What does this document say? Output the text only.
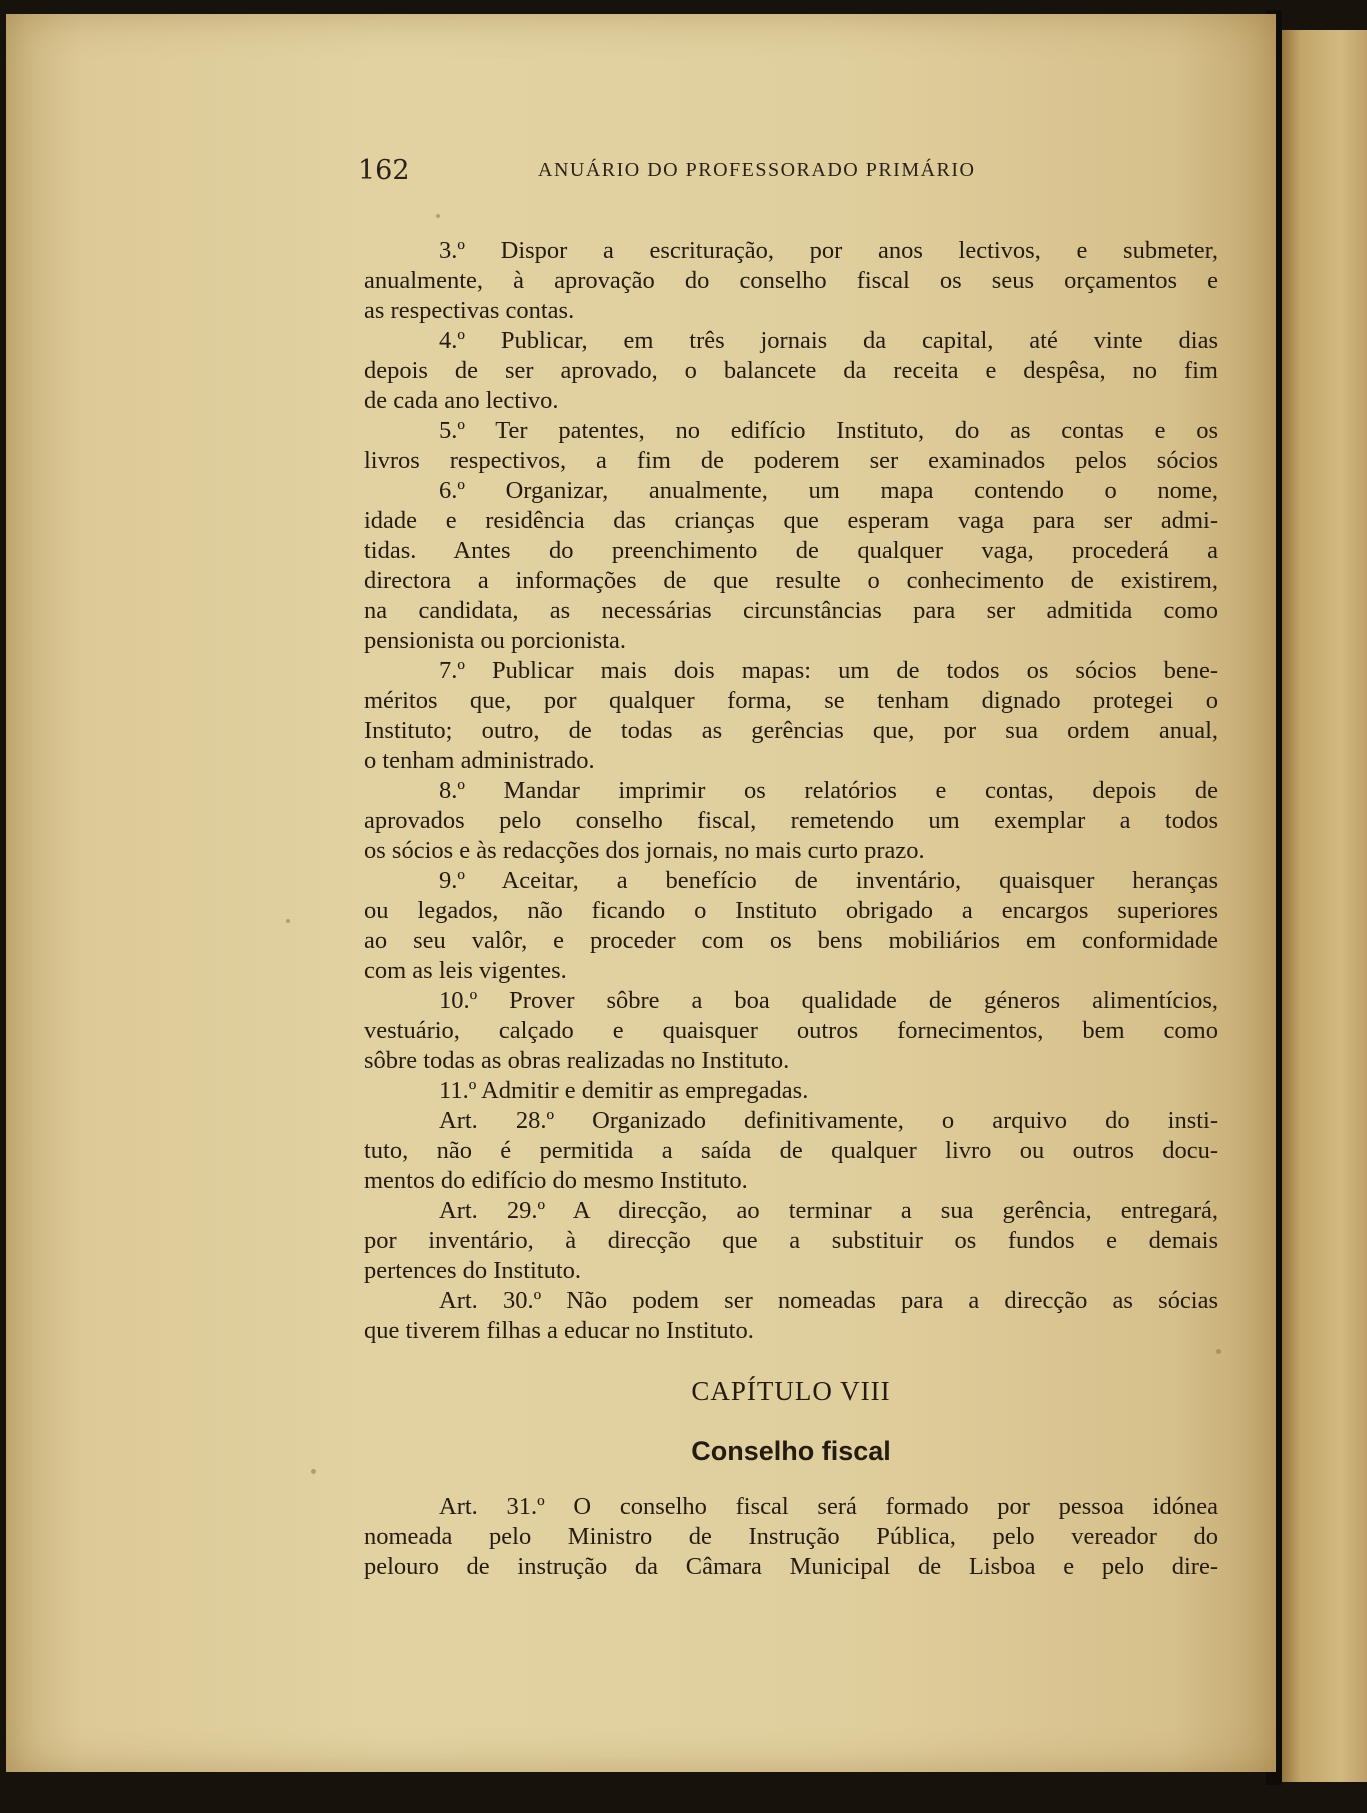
162	ANUÁRIO DO PROFESSORADO PRIMÁRIO
3.º Dispor a escrituração, por anos lectivos, e submeter,
anualmente, à aprovação do conselho fiscal os seus orçamentos e
as respectivas contas.
4.º Publicar, em três jornais da capital, até vinte dias
depois de ser aprovado, o balancete da receita e despêsa, no fim
de cada ano lectivo.
5.º Ter patentes, no edifício Instituto, do as contas e os
livros respectivos, a fim de poderem ser examinados pelos sócios
6.º Organizar, anualmente, um mapa contendo o nome,
idade e residência das crianças que esperam vaga para ser admi-
tidas. Antes do preenchimento de qualquer vaga, procederá a
directora a informações de que resulte o conhecimento de existirem,
na candidata, as necessárias circunstâncias para ser admitida como
pensionista ou porcionista.
7.º Publicar mais dois mapas: um de todos os sócios bene-
méritos que, por qualquer forma, se tenham dignado protegei o
Instituto; outro, de todas as gerências que, por sua ordem anual,
o tenham administrado.
8.º Mandar imprimir os relatórios e contas, depois de
aprovados pelo conselho fiscal, remetendo um exemplar a todos
os sócios e às redacções dos jornais, no mais curto prazo.
9.º Aceitar, a benefício de inventário, quaisquer heranças
ou legados, não ficando o Instituto obrigado a encargos superiores
ao seu valôr, e proceder com os bens mobiliários em conformidade
com as leis vigentes.
10.º Prover sôbre a boa qualidade de géneros alimentícios,
vestuário, calçado e quaisquer outros fornecimentos, bem como
sôbre todas as obras realizadas no Instituto.
11.º Admitir e demitir as empregadas.
Art. 28.º Organizado definitivamente, o arquivo do insti-
tuto, não é permitida a saída de qualquer livro ou outros docu-
mentos do edifício do mesmo Instituto.
Art. 29.º A direcção, ao terminar a sua gerência, entregará,
por inventário, à direcção que a substituir os fundos e demais
pertences do Instituto.
Art. 30.º Não podem ser nomeadas para a direcção as sócias
que tiverem filhas a educar no Instituto.
CAPÍTULO VIII
Conselho fiscal
Art. 31.º O conselho fiscal será formado por pessoa idónea
nomeada pelo Ministro de Instrução Pública, pelo vereador do
pelouro de instrução da Câmara Municipal de Lisboa e pelo dire-
